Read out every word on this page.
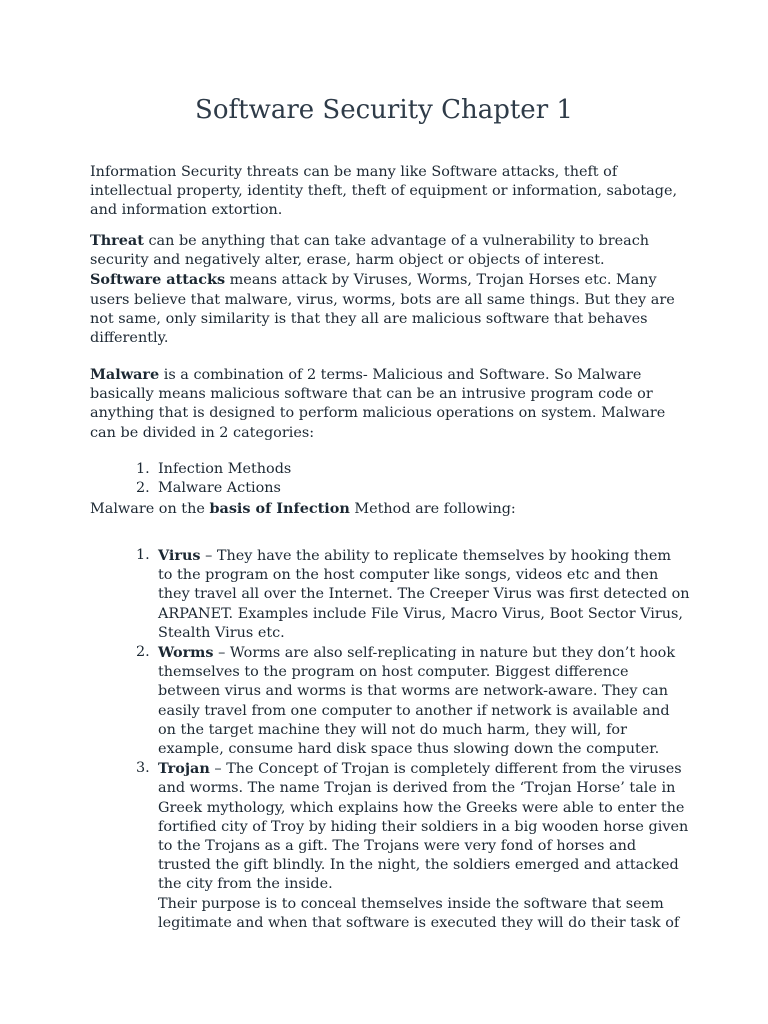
Software Security Chapter 1

Information Security threats can be many like Software attacks, theft of intellectual property, identity theft, theft of equipment or information, sabotage, and information extortion.

Threat can be anything that can take advantage of a vulnerability to breach security and negatively alter, erase, harm object or objects of interest.

Software attacks means attack by Viruses, Worms, Trojan Horses etc. Many users believe that malware, virus, worms, bots are all same things. But they are not same, only similarity is that they all are malicious software that behaves differently.

Malware is a combination of 2 terms- Malicious and Software. So Malware basically means malicious software that can be an intrusive program code or anything that is designed to perform malicious operations on system. Malware can be divided in 2 categories:

1. Infection Methods
2. Malware Actions

Malware on the basis of Infection Method are following:

1. Virus – They have the ability to replicate themselves by hooking them to the program on the host computer like songs, videos etc and then they travel all over the Internet. The Creeper Virus was first detected on ARPANET. Examples include File Virus, Macro Virus, Boot Sector Virus, Stealth Virus etc.
2. Worms – Worms are also self-replicating in nature but they don’t hook themselves to the program on host computer. Biggest difference between virus and worms is that worms are network-aware. They can easily travel from one computer to another if network is available and on the target machine they will not do much harm, they will, for example, consume hard disk space thus slowing down the computer.
3. Trojan – The Concept of Trojan is completely different from the viruses and worms. The name Trojan is derived from the ‘Trojan Horse’ tale in Greek mythology, which explains how the Greeks were able to enter the fortified city of Troy by hiding their soldiers in a big wooden horse given to the Trojans as a gift. The Trojans were very fond of horses and trusted the gift blindly. In the night, the soldiers emerged and attacked the city from the inside.
Their purpose is to conceal themselves inside the software that seem legitimate and when that software is executed they will do their task of
